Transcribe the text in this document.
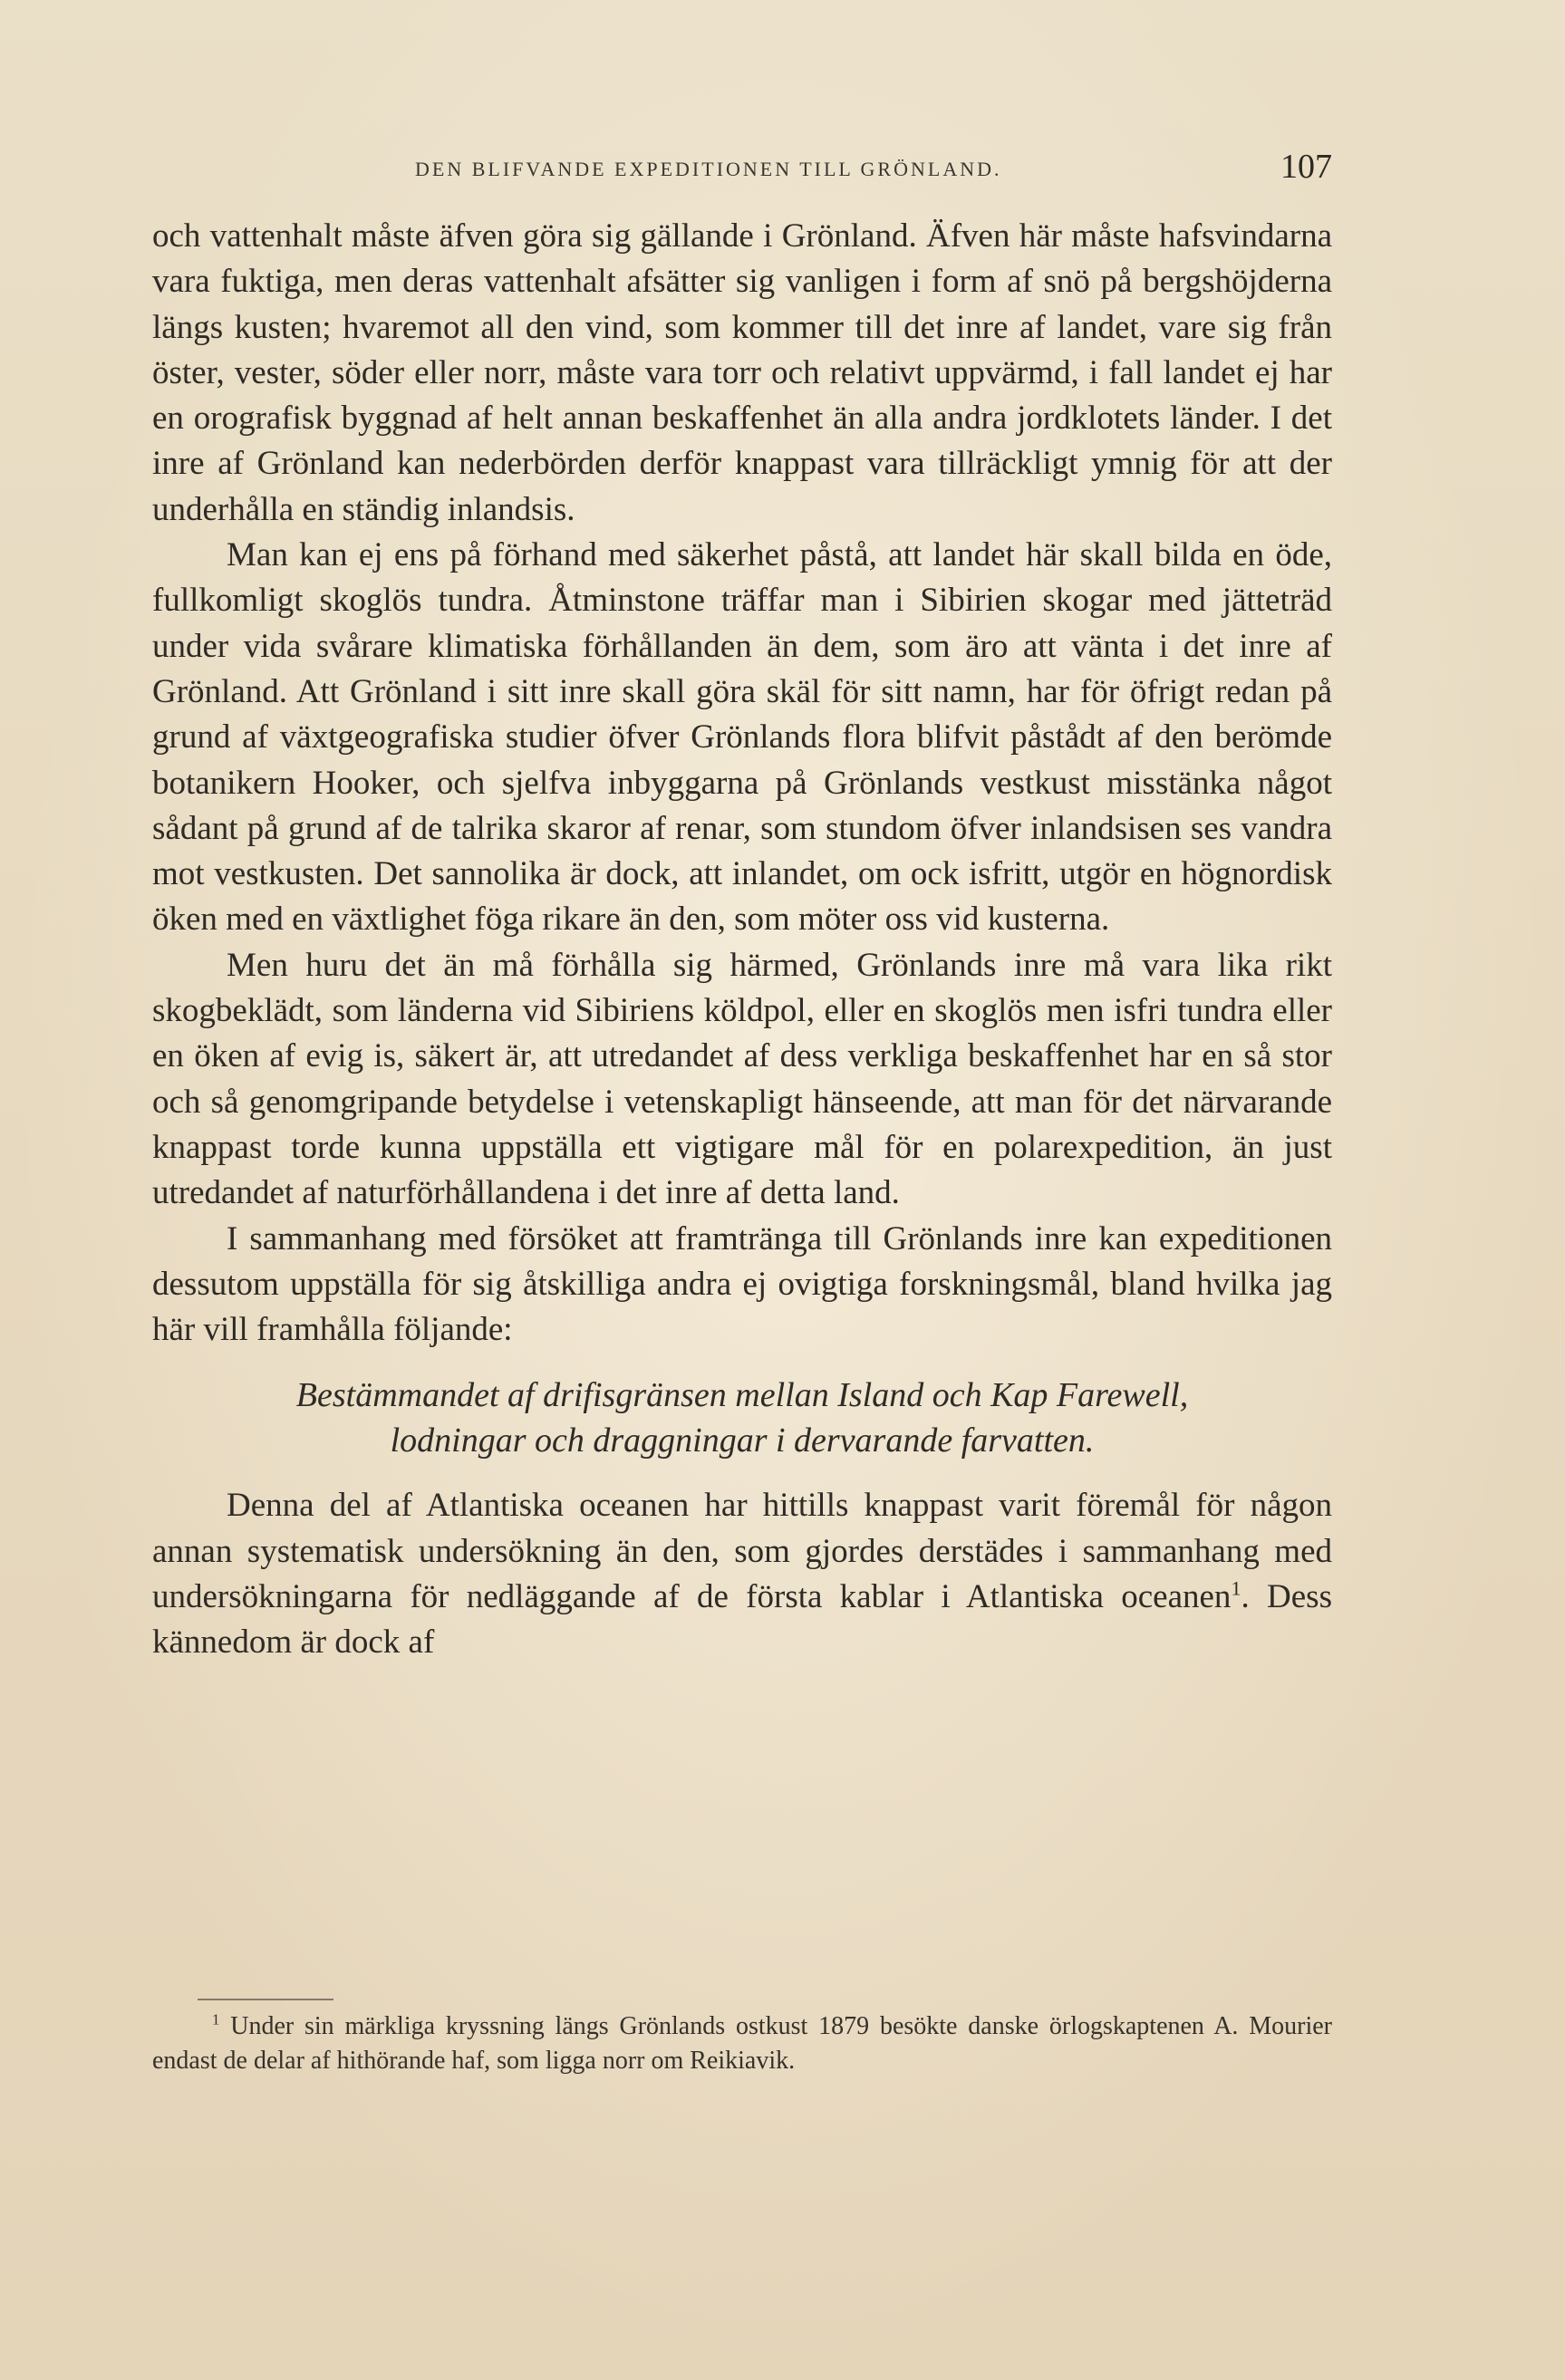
DEN BLIFVANDE EXPEDITIONEN TILL GRÖNLAND.	107

och vattenhalt måste äfven göra sig gällande i Grönland. Äfven här måste hafsvindarna vara fuktiga, men deras vattenhalt afsätter sig vanligen i form af snö på bergshöjderna längs kusten; hvaremot all den vind, som kommer till det inre af landet, vare sig från öster, vester, söder eller norr, måste vara torr och relativt uppvärmd, i fall landet ej har en orografisk byggnad af helt annan beskaffenhet än alla andra jordklotets länder. I det inre af Grönland kan nederbörden derför knappast vara tillräckligt ymnig för att der underhålla en ständig inlandsis.

Man kan ej ens på förhand med säkerhet påstå, att landet här skall bilda en öde, fullkomligt skoglös tundra. Åtminstone träffar man i Sibirien skogar med jätteträd under vida svårare klimatiska förhållanden än dem, som äro att vänta i det inre af Grönland. Att Grönland i sitt inre skall göra skäl för sitt namn, har för öfrigt redan på grund af växtgeografiska studier öfver Grönlands flora blifvit påstådt af den berömde botanikern Hooker, och sjelfva inbyggarna på Grönlands vestkust misstänka något sådant på grund af de talrika skaror af renar, som stundom öfver inlandsisen ses vandra mot vestkusten. Det sannolika är dock, att inlandet, om ock isfritt, utgör en högnordisk öken med en växtlighet föga rikare än den, som möter oss vid kusterna.

Men huru det än må förhålla sig härmed, Grönlands inre må vara lika rikt skogbeklädt, som länderna vid Sibiriens köldpol, eller en skoglös men isfri tundra eller en öken af evig is, säkert är, att utredandet af dess verkliga beskaffenhet har en så stor och så genomgripande betydelse i vetenskapligt hänseende, att man för det närvarande knappast torde kunna uppställa ett vigtigare mål för en polarexpedition, än just utredandet af naturförhållandena i det inre af detta land.

I sammanhang med försöket att framtränga till Grönlands inre kan expeditionen dessutom uppställa för sig åtskilliga andra ej ovigtiga forskningsmål, bland hvilka jag här vill framhålla följande:

Bestämmandet af drifisgränsen mellan Island och Kap Farewell,
lodningar och draggningar i dervarande farvatten.

Denna del af Atlantiska oceanen har hittills knappast varit föremål för någon annan systematisk undersökning än den, som gjordes derstädes i sammanhang med undersökningarna för nedläggande af de första kablar i Atlantiska oceanen$^1$. Dess kännedom är dock af

$^1$ Under sin märkliga kryssning längs Grönlands ostkust 1879 besökte danske örlogskaptenen A. Mourier endast de delar af hithörande haf, som ligga norr om Reikiavik.
